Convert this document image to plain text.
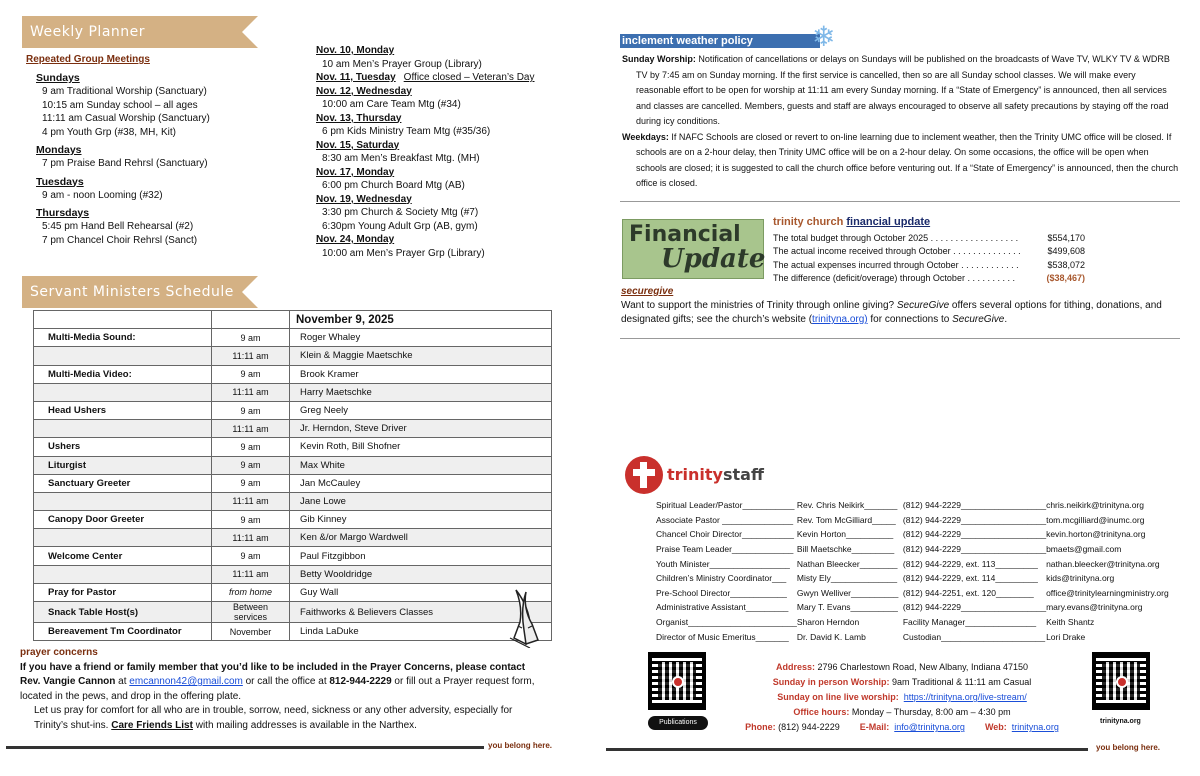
Weekly Planner
Repeated Group Meetings
Sundays
9 am Traditional Worship (Sanctuary)
10:15 am Sunday school – all ages
11:11 am Casual Worship (Sanctuary)
4 pm Youth Grp (#38, MH, Kit)
Mondays
7 pm Praise Band Rehrsl (Sanctuary)
Tuesdays
9 am - noon Looming (#32)
Thursdays
5:45 pm Hand Bell Rehearsal (#2)
7 pm Chancel Choir Rehrsl (Sanct)
Nov. 10, Monday
10 am Men’s Prayer Group (Library)
Nov. 11, Tuesday Office closed – Veteran’s Day
Nov. 12, Wednesday
10:00 am Care Team Mtg (#34)
Nov. 13, Thursday
6 pm Kids Ministry Team Mtg (#35/36)
Nov. 15, Saturday
8:30 am Men’s Breakfast Mtg. (MH)
Nov. 17, Monday
6:00 pm Church Board Mtg (AB)
Nov. 19, Wednesday
3:30 pm Church & Society Mtg (#7)
6:30pm Young Adult Grp (AB, gym)
Nov. 24, Monday
10:00 am Men’s Prayer Grp (Library)
Servant Ministers Schedule
		November 9, 2025
Multi-Media Sound:	9 am	Roger Whaley
	11:11 am	Klein & Maggie Maetschke
Multi-Media Video:	9 am	Brook Kramer
	11:11 am	Harry Maetschke
Head Ushers	9 am	Greg Neely
	11:11 am	Jr. Herndon, Steve Driver
Ushers	9 am	Kevin Roth, Bill Shofner
Liturgist	9 am	Max White
Sanctuary Greeter	9 am	Jan McCauley
	11:11 am	Jane Lowe
Canopy Door Greeter	9 am	Gib Kinney
	11:11 am	Ken &/or Margo Wardwell
Welcome Center	9 am	Paul Fitzgibbon
	11:11 am	Betty Wooldridge
Pray for Pastor	from home	Guy Wall
Snack Table Host(s)	Between services	Faithworks & Believers Classes
Bereavement Tm Coordinator	November	Linda LaDuke
prayer concerns
If you have a friend or family member that you’d like to be included in the Prayer Concerns, please contact
Rev. Vangie Cannon at emcannon42@gmail.com or call the office at 812-944-2229 or fill out a Prayer request form,
located in the pews, and drop in the offering plate.
Let us pray for comfort for all who are in trouble, sorrow, need, sickness or any other adversity, especially for
Trinity’s shut-ins. Care Friends List with mailing addresses is available in the Narthex.
you belong here.
inclement weather policy	❄
Sunday Worship: Notification of cancellations or delays on Sundays will be published on the broadcasts of Wave TV, WLKY TV & WDRB TV by 7:45 am on Sunday morning. If the first service is cancelled, then so are all Sunday school classes. We will make every reasonable effort to be open for worship at 11:11 am every Sunday morning. If a “State of Emergency” is announced, then all services and classes are cancelled. Members, guests and staff are always encouraged to observe all safety precautions by staying off the road during icy conditions.
Weekdays: If NAFC Schools are closed or revert to on-line learning due to inclement weather, then the Trinity UMC office will be closed. If schools are on a 2-hour delay, then Trinity UMC office will be on a 2-hour delay. On some occasions, the office will be open when schools are closed; it is suggested to call the church office before venturing out. If a “State of Emergency” is announced, then the church office is closed.
Financial
Update
trinity church financial update
The total budget through October 2025 . . . . . . . . . . . . . . . . . .	$554,170
The actual income received through October . . . . . . . . . . . . . .	$499,608
The actual expenses incurred through October . . . . . . . . . . . .	$538,072
The difference (deficit/overage) through October . . . . . . . . . .	($38,467)
securegive
Want to support the ministries of Trinity through online giving? SecureGive offers several options for tithing, donations, and designated gifts; see the church’s website (trinityna.org) for connections to SecureGive.
trinitystaff
Spiritual Leader/Pastor___________	Rev. Chris Neikirk_______	(812) 944-2229__________________	chris.neikirk@trinityna.org
Associate Pastor _______________	Rev. Tom McGilliard_____	(812) 944-2229__________________	tom.mcgilliard@inumc.org
Chancel Choir Director___________	Kevin Horton__________	(812) 944-2229__________________	kevin.horton@trinityna.org
Praise Team Leader_____________	Bill Maetschke_________	(812) 944-2229__________________	bmaets@gmail.com
Youth Minister_________________	Nathan Bleecker________	(812) 944-2229, ext. 113_________	nathan.bleecker@trinityna.org
Children’s Ministry Coordinator___	Misty Ely______________	(812) 944-2229, ext. 114_________	kids@trinityna.org
Pre-School Director____________	Gwyn Welliver__________	(812) 944-2251, ext. 120________	office@trinitylearningministry.org
Administrative Assistant_________	Mary T. Evans__________	(812) 944-2229__________________	mary.evans@trinityna.org
Organist_______________________	Sharon Herndon	Facility Manager_______________	Keith Shantz
Director of Music Emeritus_______	Dr. David K. Lamb	Custodian______________________	Lori Drake
Publications
Address: 2796 Charlestown Road, New Albany, Indiana 47150
Sunday in person Worship: 9am Traditional & 11:11 am Casual
Sunday on line live worship: https://trinityna.org/live-stream/
Office hours: Monday – Thursday, 8:00 am – 4:30 pm
Phone: (812) 944-2229 E-Mail: info@trinityna.org Web: trinityna.org
trinityna.org
you belong here.
